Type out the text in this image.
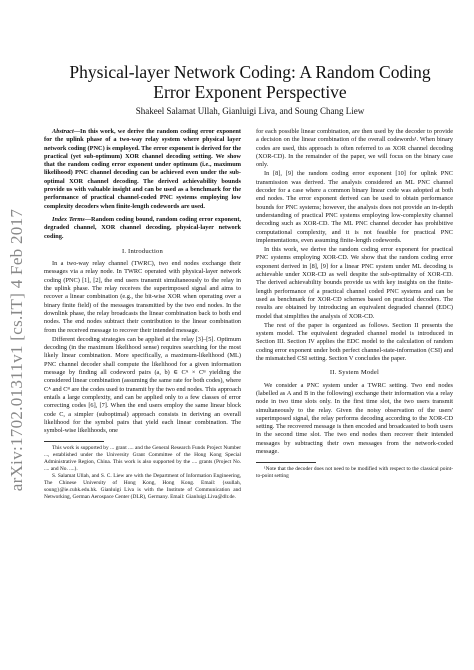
arXiv:1702.01311v1 [cs.IT] 4 Feb 2017
Physical-layer Network Coding: A Random Coding Error Exponent Perspective
Shakeel Salamat Ullah, Gianluigi Liva, and Soung Chang Liew

Abstract—In this work, we derive the random coding error exponent for the uplink phase of a two-way relay system where physical layer network coding (PNC) is employed. The error exponent is derived for the practical (yet sub-optimum) XOR channel decoding setting. We show that the random coding error exponent under optimum (i.e., maximum likelihood) PNC channel decoding can be achieved even under the sub-optimal XOR channel decoding. The derived achievability bounds provide us with valuable insight and can be used as a benchmark for the performance of practical channel-coded PNC systems employing low complexity decoders when finite-length codewords are used.

Index Terms—Random coding bound, random coding error exponent, degraded channel, XOR channel decoding, physical-layer network coding.

I. Introduction

In a two-way relay channel (TWRC), two end nodes exchange their messages via a relay node. In TWRC operated with physical-layer network coding (PNC) [1], [2], the end users transmit simultaneously to the relay in the uplink phase. The relay receives the superimposed signal and aims to recover a linear combination (e.g., the bit-wise XOR when operating over a binary finite field) of the messages transmitted by the two end nodes. In the downlink phase, the relay broadcasts the linear combination back to both end nodes. The end nodes subtract their contribution to the linear combination from the received message to recover their intended message.

Different decoding strategies can be applied at the relay [3]–[5]. Optimum decoding (in the maximum likelihood sense) requires searching for the most likely linear combination. More specifically, a maximum-likelihood (ML) PNC channel decoder shall compute the likelihood for a given information message by finding all codeword pairs (a, b) ∈ Cᴬ × Cᴮ yielding the considered linear combination (assuming the same rate for both codes), where Cᴬ and Cᴮ are the codes used to transmit by the two end nodes. This approach entails a large complexity, and can be applied only to a few classes of error correcting codes [6], [7]. When the end users employ the same linear block code C, a simpler (suboptimal) approach consists in deriving an overall likelihood for the symbol pairs that yield each linear combination. The symbol-wise likelihoods, one

This work is supported by ... grant .... and the General Research Funds Project Number ..., established under the University Grant Committee of the Hong Kong Special Administrative Region, China. This work is also supported by the .... grants (Project No. .... and No. ....).

S. Salamat Ullah, and S. C. Liew are with the Department of Information Engineering, The Chinese University of Hong Kong, Hong Kong. Email: {ssullah, soung}@ie.cuhk.edu.hk. Gianluigi Liva is with the Institute of Communication and Networking, German Aerospace Center (DLR), Germany. Email: Gianluigi.Liva@dlr.de.

for each possible linear combination, are then used by the decoder to provide a decision on the linear combination of the overall codewords¹. When binary codes are used, this approach is often referred to as XOR channel decoding (XOR-CD). In the remainder of the paper, we will focus on the binary case only.

In [8], [9] the random coding error exponent [10] for uplink PNC transmission was derived. The analysis considered an ML PNC channel decoder for a case where a common binary linear code was adopted at both end nodes. The error exponent derived can be used to obtain performance bounds for PNC systems; however, the analysis does not provide an in-depth understanding of practical PNC systems employing low-complexity channel decoding such as XOR-CD. The ML PNC channel decoder has prohibitive computational complexity, and it is not feasible for practical PNC implementations, even assuming finite-length codewords.

In this work, we derive the random coding error exponent for practical PNC systems employing XOR-CD. We show that the random coding error exponent derived in [8], [9] for a linear PNC system under ML decoding is achievable under XOR-CD as well despite the sub-optimality of XOR-CD. The derived achievability bounds provide us with key insights on the finite-length performance of a practical channel coded PNC systems and can be used as benchmark for XOR-CD schemes based on practical decoders. The results are obtained by introducing an equivalent degraded channel (EDC) model that simplifies the analysis of XOR-CD.

The rest of the paper is organized as follows. Section II presents the system model. The equivalent degraded channel model is introduced in Section III. Section IV applies the EDC model to the calculation of random coding error exponent under both perfect channel-state-information (CSI) and the mismatched CSI setting. Section V concludes the paper.

II. System Model

We consider a PNC system under a TWRC setting. Two end nodes (labelled as A and B in the following) exchange their information via a relay node in two time slots only. In the first time slot, the two users transmit simultaneously to the relay. Given the noisy observation of the users' superimposed signal, the relay performs decoding according to the XOR-CD setting. The recovered message is then encoded and broadcasted to both users in the second time slot. The two end nodes then recover their intended messages by subtracting their own messages from the network-coded message.

¹Note that the decoder does not need to be modified with respect to the classical point-to-point setting
